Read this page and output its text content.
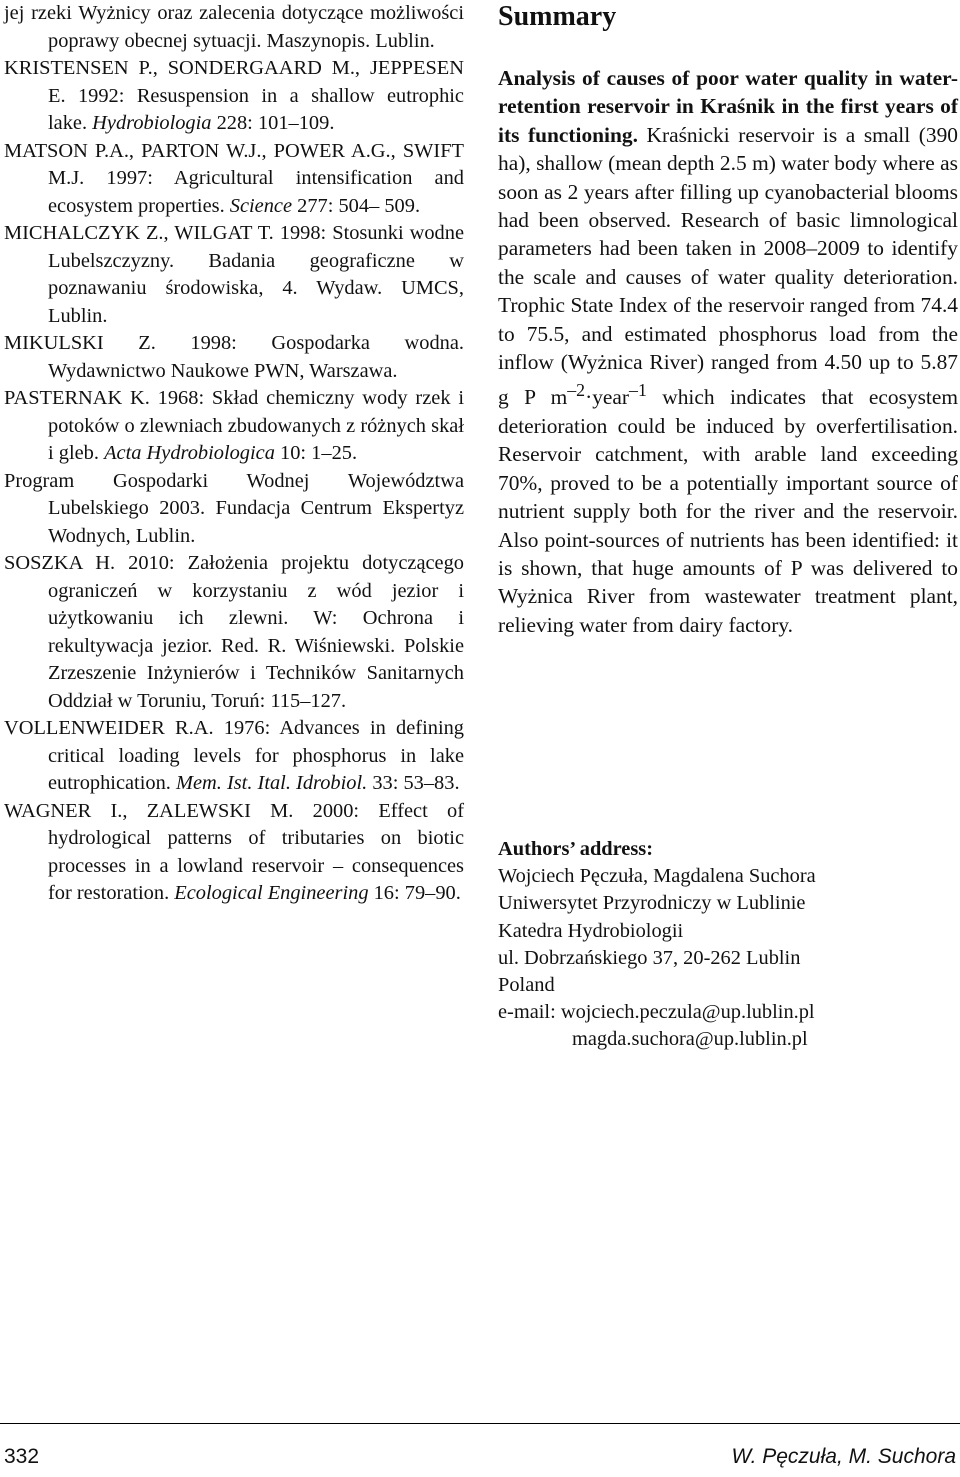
jej rzeki Wyżnicy oraz zalecenia dotyczące możliwości poprawy obecnej sytuacji. Maszynopis. Lublin.
KRISTENSEN P., SONDERGAARD M., JEPPESEN E. 1992: Resuspension in a shallow eutrophic lake. Hydrobiologia 228: 101–109.
MATSON P.A., PARTON W.J., POWER A.G., SWIFT M.J. 1997: Agricultural intensification and ecosystem properties. Science 277: 504– 509.
MICHALCZYK Z., WILGAT T. 1998: Stosunki wodne Lubelszczyzny. Badania geograficzne w poznawaniu środowiska, 4. Wydaw. UMCS, Lublin.
MIKULSKI Z. 1998: Gospodarka wodna. Wydawnictwo Naukowe PWN, Warszawa.
PASTERNAK K. 1968: Skład chemiczny wody rzek i potoków o zlewniach zbudowanych z różnych skał i gleb. Acta Hydrobiologica 10: 1–25.
Program Gospodarki Wodnej Województwa Lubelskiego 2003. Fundacja Centrum Ekspertyz Wodnych, Lublin.
SOSZKA H. 2010: Założenia projektu dotyczącego ograniczeń w korzystaniu z wód jezior i użytkowaniu ich zlewni. W: Ochrona i rekultywacja jezior. Red. R. Wiśniewski. Polskie Zrzeszenie Inżynierów i Techników Sanitarnych Oddział w Toruniu, Toruń: 115–127.
VOLLENWEIDER R.A. 1976: Advances in defining critical loading levels for phosphorus in lake eutrophication. Mem. Ist. Ital. Idrobiol. 33: 53–83.
WAGNER I., ZALEWSKI M. 2000: Effect of hydrological patterns of tributaries on biotic processes in a lowland reservoir – consequences for restoration. Ecological Engineering 16: 79–90.
Summary
Analysis of causes of poor water quality in water-retention reservoir in Kraśnik in the first years of its functioning. Kraśnicki reservoir is a small (390 ha), shallow (mean depth 2.5 m) water body where as soon as 2 years after filling up cyanobacterial blooms had been observed. Research of basic limnological parameters had been taken in 2008–2009 to identify the scale and causes of water quality deterioration. Trophic State Index of the reservoir ranged from 74.4 to 75.5, and estimated phosphorus load from the inflow (Wyżnica River) ranged from 4.50 up to 5.87 g P $m^{-2}\cdot year^{-1}$ which indicates that ecosystem deterioration could be induced by overfertilisation. Reservoir catchment, with arable land exceeding 70%, proved to be a potentially important source of nutrient supply both for the river and the reservoir. Also point-sources of nutrients has been identified: it is shown, that huge amounts of P was delivered to Wyżnica River from wastewater treatment plant, relieving water from dairy factory.
Authors’ address:
Wojciech Pęczuła, Magdalena Suchora
Uniwersytet Przyrodniczy w Lublinie
Katedra Hydrobiologii
ul. Dobrzańskiego 37, 20-262 Lublin
Poland
e-mail: wojciech.peczula@up.lublin.pl
magda.suchora@up.lublin.pl
332	W. Pęczuła, M. Suchora
